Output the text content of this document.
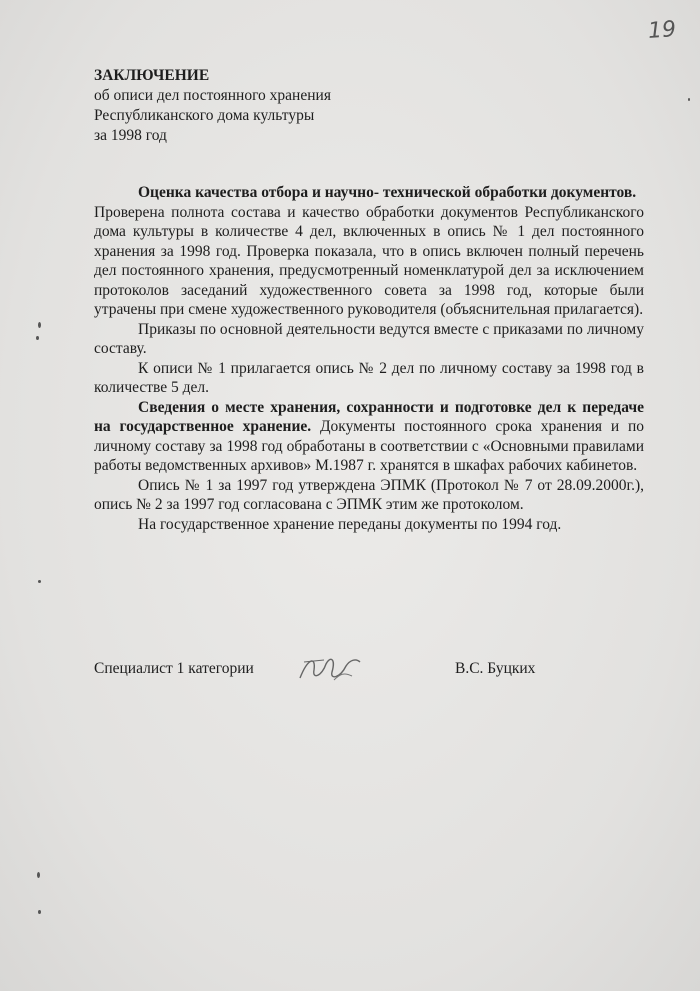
19
ЗАКЛЮЧЕНИЕ
об описи дел постоянного хранения
Республиканского дома культуры
за 1998 год

Оценка качества отбора и научно- технической обработки документов.

Проверена полнота состава и качество обработки документов Республиканского дома культуры в количестве 4 дел, включенных в опись № 1 дел постоянного хранения за 1998 год. Проверка показала, что в опись включен полный перечень дел постоянного хранения, предусмотренный номенклатурой дел за исключением протоколов заседаний художественного совета за 1998 год, которые были утрачены при смене художественного руководителя (объяснительная прилагается).

Приказы по основной деятельности ведутся вместе с приказами по личному составу.

К описи № 1 прилагается опись № 2 дел по личному составу за 1998 год в количестве 5 дел.

Сведения о месте хранения, сохранности и подготовке дел к передаче на государственное хранение. Документы постоянного срока хранения и по личному составу за 1998 год обработаны в соответствии с «Основными правилами работы ведомственных архивов» М.1987 г. хранятся в шкафах рабочих кабинетов.

Опись № 1 за 1997 год утверждена ЭПМК (Протокол № 7 от 28.09.2000г.), опись № 2 за 1997 год согласована с ЭПМК этим же протоколом.

На государственное хранение переданы документы по 1994 год.

Специалист 1 категории	В.С. Буцких
